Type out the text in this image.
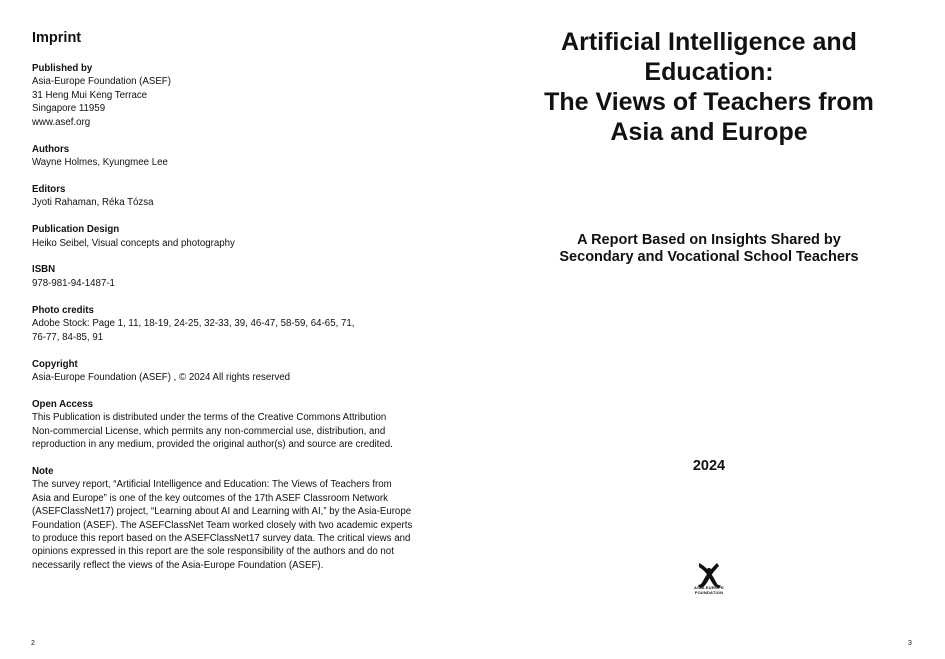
Imprint
Published by
Asia-Europe Foundation (ASEF)
31 Heng Mui Keng Terrace
Singapore 11959
www.asef.org
Authors
Wayne Holmes, Kyungmee Lee
Editors
Jyoti Rahaman, Réka Tózsa
Publication Design
Heiko Seibel, Visual concepts and photography
ISBN
978-981-94-1487-1
Photo credits
Adobe Stock: Page 1, 11, 18-19, 24-25, 32-33, 39, 46-47, 58-59, 64-65, 71,
76-77, 84-85, 91
Copyright
Asia-Europe Foundation (ASEF) , © 2024 All rights reserved
Open Access
This Publication is distributed under the terms of the Creative Commons Attribution
Non-commercial License, which permits any non-commercial use, distribution, and
reproduction in any medium, provided the original author(s) and source are credited.
Note
The survey report, “Artificial Intelligence and Education: The Views of Teachers from
Asia and Europe” is one of the key outcomes of the 17th ASEF Classroom Network
(ASEFClassNet17) project, “Learning about AI and Learning with AI,” by the Asia-Europe
Foundation (ASEF). The ASEFClassNet Team worked closely with two academic experts
to produce this report based on the ASEFClassNet17 survey data. The critical views and
opinions expressed in this report are the sole responsibility of the authors and do not
necessarily reflect the views of the Asia-Europe Foundation (ASEF).
Artificial Intelligence and
Education:
The Views of Teachers from
Asia and Europe
A Report Based on Insights Shared by
Secondary and Vocational School Teachers
2024
ASIA-EUROPE
FOUNDATION
2	3
